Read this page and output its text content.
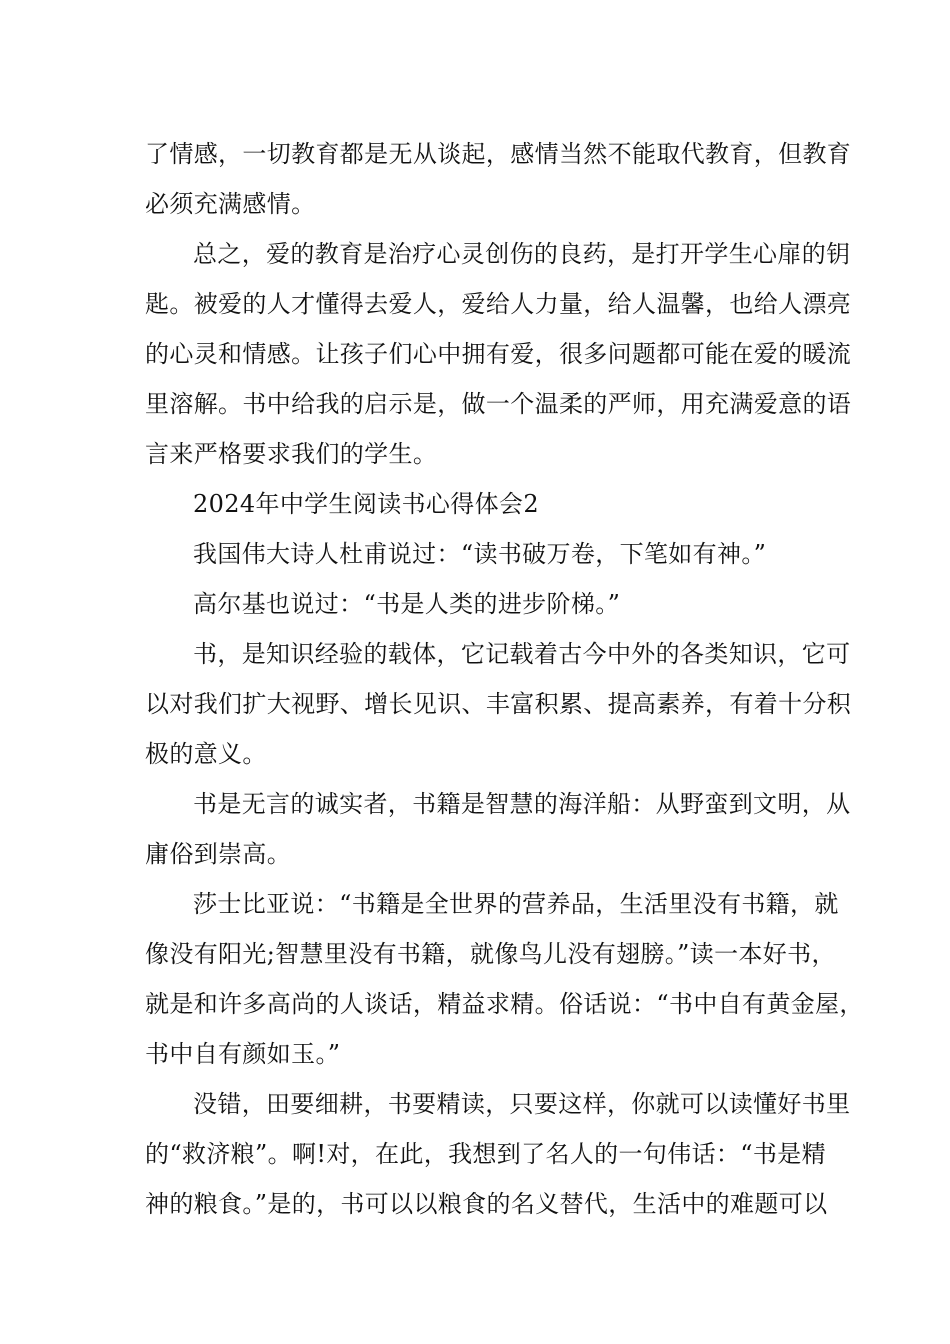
了情感，一切教育都是无从谈起，感情当然不能取代教育，但教育
必须充满感情。

总之，爱的教育是治疗心灵创伤的良药，是打开学生心扉的钥
匙。被爱的人才懂得去爱人，爱给人力量，给人温馨，也给人漂亮
的心灵和情感。让孩子们心中拥有爱，很多问题都可能在爱的暖流
里溶解。书中给我的启示是，做一个温柔的严师，用充满爱意的语
言来严格要求我们的学生。
2024年中学生阅读书心得体会2
我国伟大诗人杜甫说过：“读书破万卷，下笔如有神。”
高尔基也说过：“书是人类的进步阶梯。”
书，是知识经验的载体，它记载着古今中外的各类知识，它可
以对我们扩大视野、增长见识、丰富积累、提高素养，有着十分积
极的意义。
书是无言的诚实者，书籍是智慧的海洋船：从野蛮到文明，从
庸俗到崇高。
莎士比亚说：“书籍是全世界的营养品，生活里没有书籍，就
像没有阳光;智慧里没有书籍，就像鸟儿没有翅膀。”读一本好书，
就是和许多高尚的人谈话，精益求精。俗话说：“书中自有黄金屋，
书中自有颜如玉。”
没错，田要细耕，书要精读，只要这样，你就可以读懂好书里
的“救济粮”。啊!对，在此，我想到了名人的一句伟话：“书是精
神的粮食。”是的，书可以以粮食的名义替代，生活中的难题可以
